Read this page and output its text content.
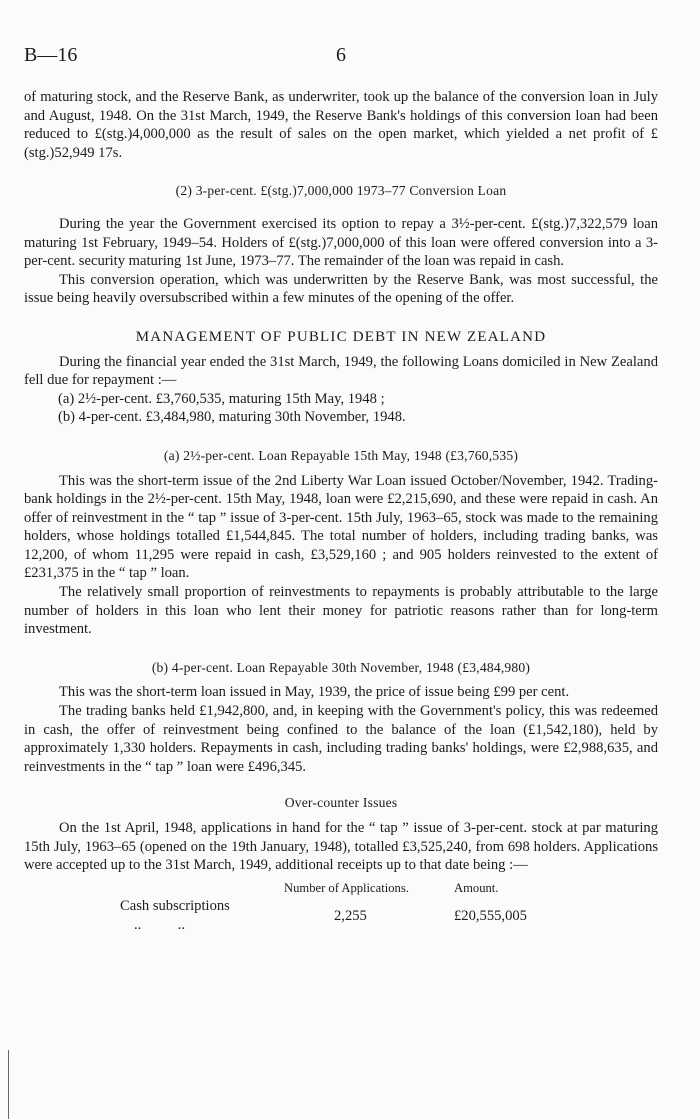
B—16	6

of maturing stock, and the Reserve Bank, as underwriter, took up the balance of the conversion loan in July and August, 1948. On the 31st March, 1949, the Reserve Bank's holdings of this conversion loan had been reduced to £(stg.)4,000,000 as the result of sales on the open market, which yielded a net profit of £(stg.)52,949 17s.

(2) 3-per-cent. £(stg.)7,000,000 1973–77 Conversion Loan

During the year the Government exercised its option to repay a 3½-per-cent. £(stg.)7,322,579 loan maturing 1st February, 1949–54. Holders of £(stg.)7,000,000 of this loan were offered conversion into a 3-per-cent. security maturing 1st June, 1973–77. The remainder of the loan was repaid in cash.

This conversion operation, which was underwritten by the Reserve Bank, was most successful, the issue being heavily oversubscribed within a few minutes of the opening of the offer.

MANAGEMENT OF PUBLIC DEBT IN NEW ZEALAND

During the financial year ended the 31st March, 1949, the following Loans domiciled in New Zealand fell due for repayment :—

(a) 2½-per-cent. £3,760,535, maturing 15th May, 1948 ;

(b) 4-per-cent. £3,484,980, maturing 30th November, 1948.

(a) 2½-per-cent. Loan Repayable 15th May, 1948 (£3,760,535)

This was the short-term issue of the 2nd Liberty War Loan issued October/November, 1942. Trading-bank holdings in the 2½-per-cent. 15th May, 1948, loan were £2,215,690, and these were repaid in cash. An offer of reinvestment in the “ tap ” issue of 3-per-cent. 15th July, 1963–65, stock was made to the remaining holders, whose holdings totalled £1,544,845. The total number of holders, including trading banks, was 12,200, of whom 11,295 were repaid in cash, £3,529,160 ; and 905 holders reinvested to the extent of £231,375 in the “ tap ” loan.

The relatively small proportion of reinvestments to repayments is probably attributable to the large number of holders in this loan who lent their money for patriotic reasons rather than for long-term investment.

(b) 4-per-cent. Loan Repayable 30th November, 1948 (£3,484,980)

This was the short-term loan issued in May, 1939, the price of issue being £99 per cent.

The trading banks held £1,942,800, and, in keeping with the Government's policy, this was redeemed in cash, the offer of reinvestment being confined to the balance of the loan (£1,542,180), held by approximately 1,330 holders. Repayments in cash, including trading banks' holdings, were £2,988,635, and reinvestments in the “ tap ” loan were £496,345.

Over-counter Issues

On the 1st April, 1948, applications in hand for the “ tap ” issue of 3-per-cent. stock at par maturing 15th July, 1963–65 (opened on the 19th January, 1948), totalled £3,525,240, from 698 holders. Applications were accepted up to the 31st March, 1949, additional receipts up to that date being :—

	Number of Applications.	Amount.
Cash subscriptions ..          ..	2,255	£20,555,005
